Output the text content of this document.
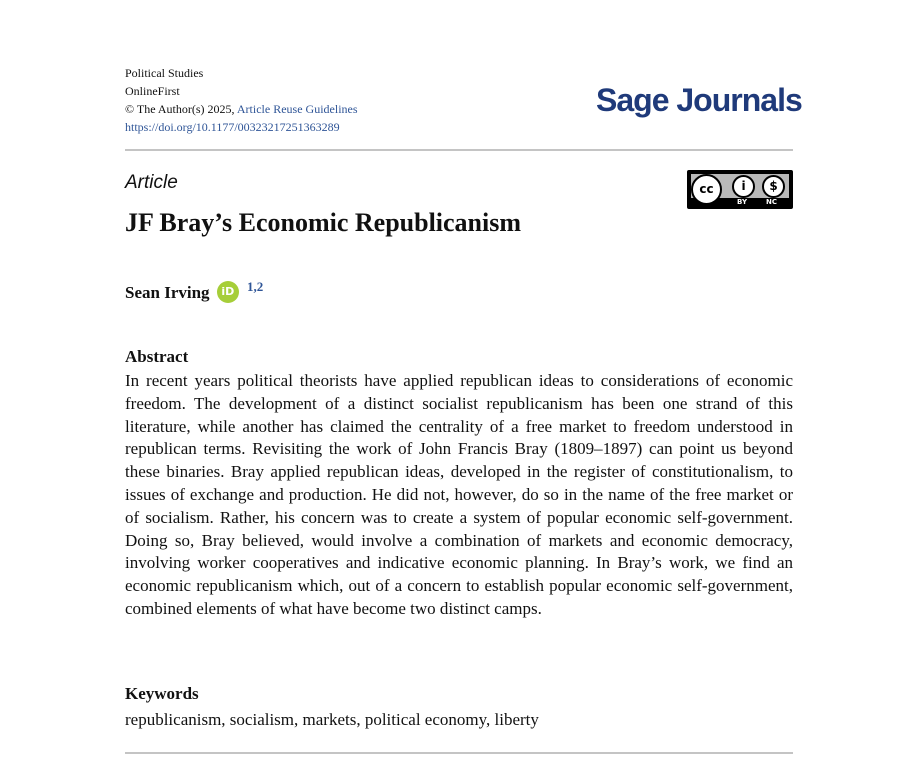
Political Studies
OnlineFirst
© The Author(s) 2025, Article Reuse Guidelines
https://doi.org/10.1177/00323217251363289
Sage Journals
Article	cc	i	$
BY	NC
JF Bray’s Economic Republicanism
Sean Irving iD $^{1,2}$
Abstract

In recent years political theorists have applied republican ideas to considerations of economic freedom. The development of a distinct socialist republicanism has been one strand of this literature, while another has claimed the centrality of a free market to freedom understood in republican terms. Revisiting the work of John Francis Bray (1809–1897) can point us beyond these binaries. Bray applied republican ideas, developed in the register of constitutionalism, to issues of exchange and production. He did not, however, do so in the name of the free market or of socialism. Rather, his concern was to create a system of popular economic self-government. Doing so, Bray believed, would involve a combination of markets and economic democracy, involving worker cooperatives and indicative economic planning. In Bray’s work, we find an economic republicanism which, out of a concern to establish popular economic self-government, combined elements of what have become two distinct camps.

Keywords
republicanism, socialism, markets, political economy, liberty
